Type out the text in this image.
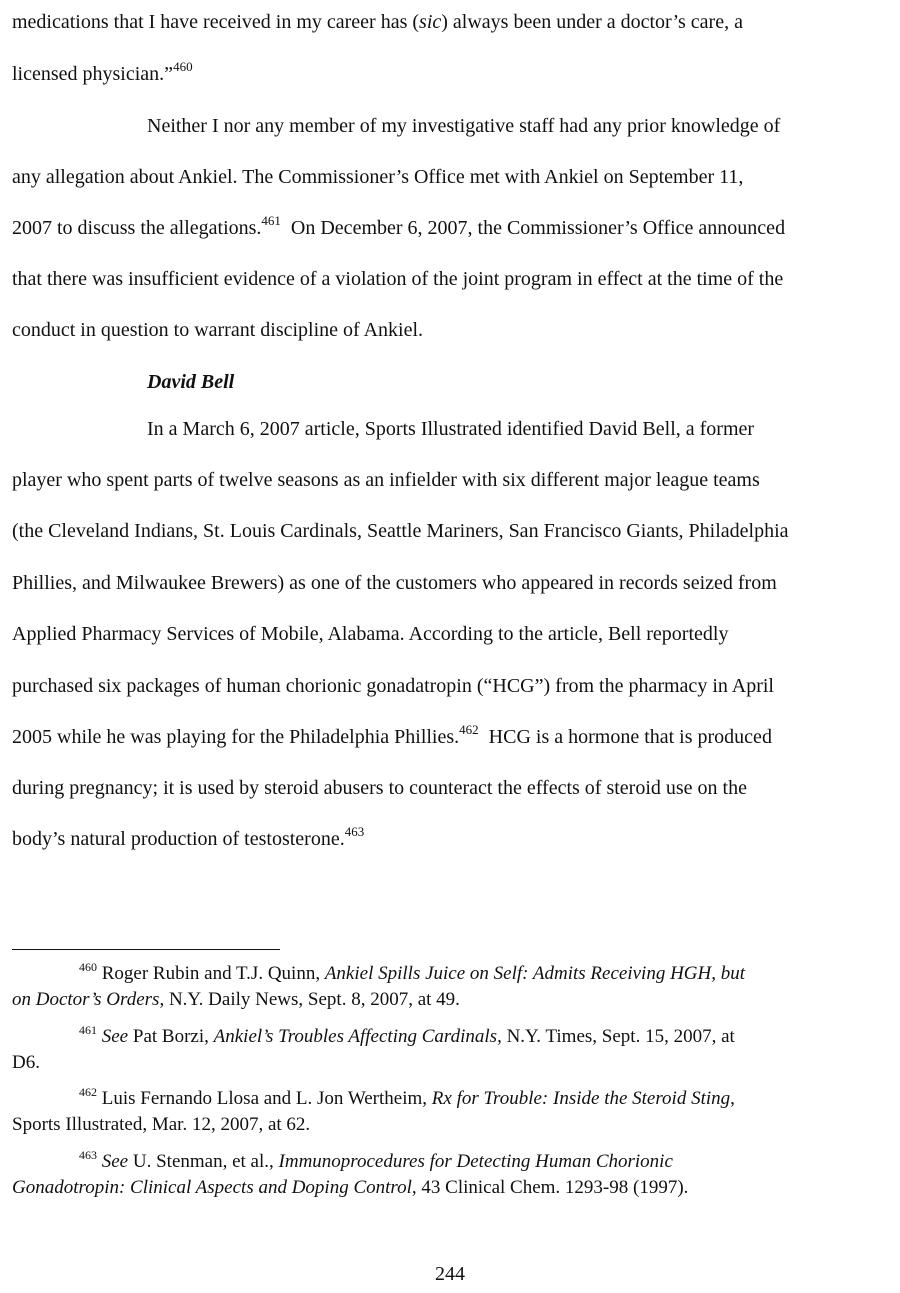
medications that I have received in my career has (sic) always been under a doctor’s care, a
licensed physician.”$^{460}$
Neither I nor any member of my investigative staff had any prior knowledge of
any allegation about Ankiel. The Commissioner’s Office met with Ankiel on September 11,
2007 to discuss the allegations.$^{461}$  On December 6, 2007, the Commissioner’s Office announced
that there was insufficient evidence of a violation of the joint program in effect at the time of the
conduct in question to warrant discipline of Ankiel.
David Bell
In a March 6, 2007 article, Sports Illustrated identified David Bell, a former
player who spent parts of twelve seasons as an infielder with six different major league teams
(the Cleveland Indians, St. Louis Cardinals, Seattle Mariners, San Francisco Giants, Philadelphia
Phillies, and Milwaukee Brewers) as one of the customers who appeared in records seized from
Applied Pharmacy Services of Mobile, Alabama. According to the article, Bell reportedly
purchased six packages of human chorionic gonadatropin (“HCG”) from the pharmacy in April
2005 while he was playing for the Philadelphia Phillies.$^{462}$  HCG is a hormone that is produced
during pregnancy; it is used by steroid abusers to counteract the effects of steroid use on the
body’s natural production of testosterone.$^{463}$
$^{460}$ Roger Rubin and T.J. Quinn, Ankiel Spills Juice on Self: Admits Receiving HGH, but
on Doctor’s Orders, N.Y. Daily News, Sept. 8, 2007, at 49.
$^{461}$ See Pat Borzi, Ankiel’s Troubles Affecting Cardinals, N.Y. Times, Sept. 15, 2007, at
D6.
$^{462}$ Luis Fernando Llosa and L. Jon Wertheim, Rx for Trouble: Inside the Steroid Sting,
Sports Illustrated, Mar. 12, 2007, at 62.
$^{463}$ See U. Stenman, et al., Immunoprocedures for Detecting Human Chorionic
Gonadotropin: Clinical Aspects and Doping Control, 43 Clinical Chem. 1293-98 (1997).
244
